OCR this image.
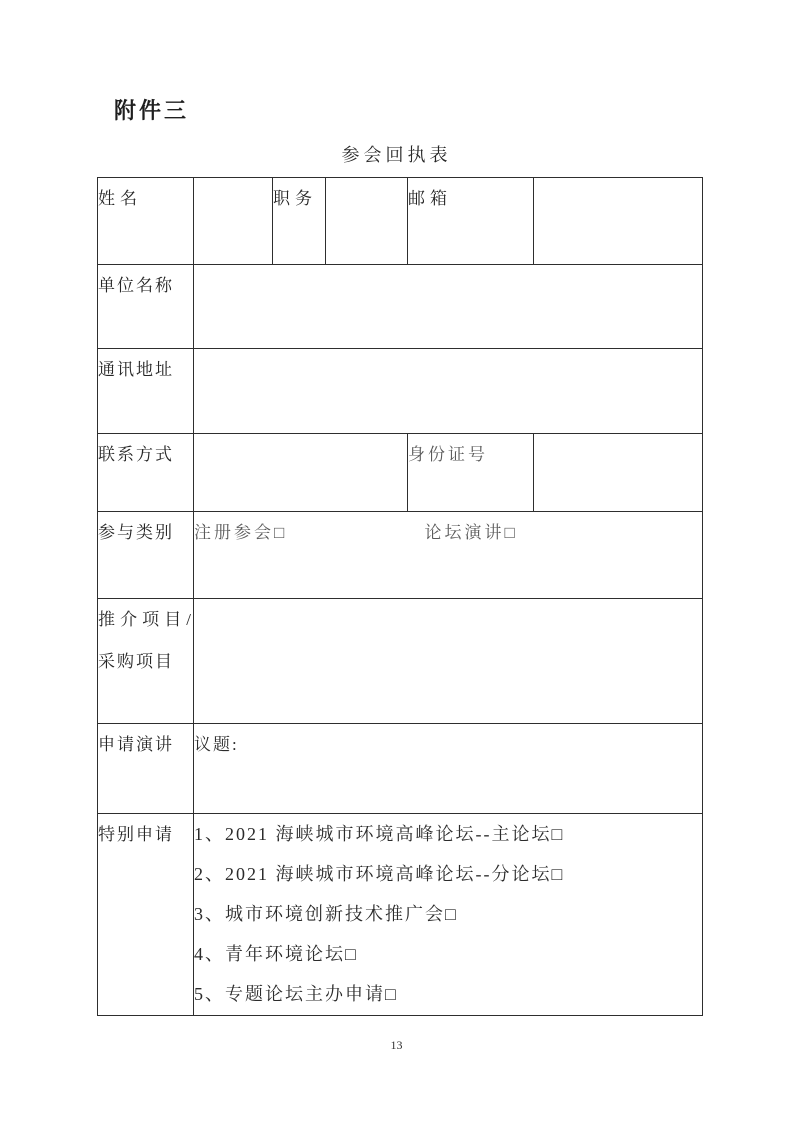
附件三
参会回执表
姓名		职务		邮箱	
单位名称					
通讯地址					
联系方式				身份证号	
参与类别	注册参会□ 论坛演讲□				
推介项目/采购项目					
申请演讲	议题:				
特别申请	1、2021 海峡城市环境高峰论坛--主论坛□
2、2021 海峡城市环境高峰论坛--分论坛□
3、城市环境创新技术推广会□
4、青年环境论坛□
5、专题论坛主办申请□				
13
